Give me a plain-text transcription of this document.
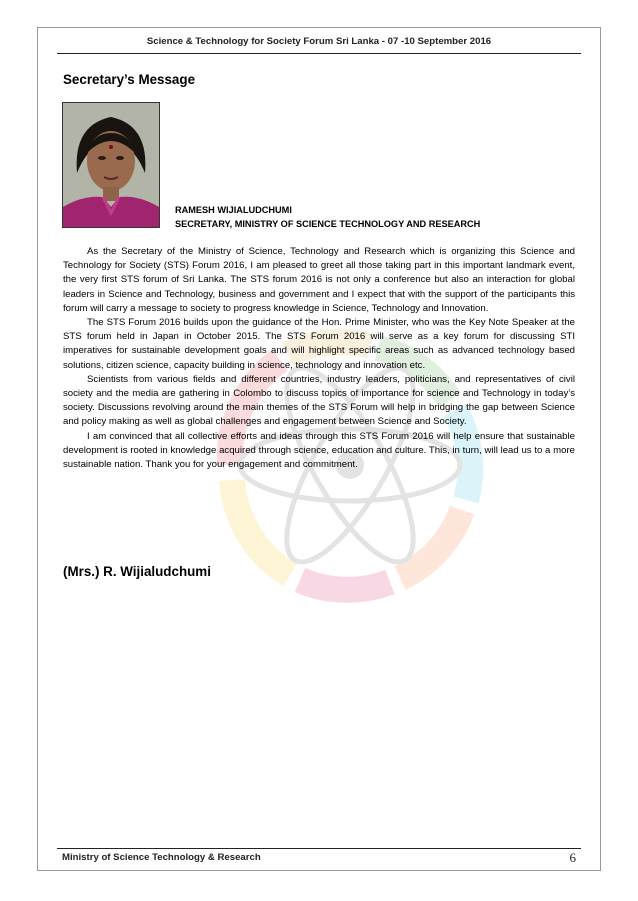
Science & Technology for Society Forum Sri Lanka - 07 -10 September 2016
Secretary’s Message
RAMESH WIJIALUDCHUMI
SECRETARY, MINISTRY OF SCIENCE TECHNOLOGY AND RESEARCH

As the Secretary of the Ministry of Science, Technology and Research which is organizing this Science and Technology for Society (STS) Forum 2016, I am pleased to greet all those taking part in this important landmark event, the very first STS forum of Sri Lanka. The STS forum 2016 is not only a conference but also an interaction for global leaders in Science and Technology, business and government and I expect that with the support of the participants this forum will carry a message to society to progress knowledge in Science, Technology and Innovation.

The STS Forum 2016 builds upon the guidance of the Hon. Prime Minister, who was the Key Note Speaker at the STS forum held in Japan in October 2015. The STS Forum 2016 will serve as a key forum for discussing STI imperatives for sustainable development goals and will highlight specific areas such as advanced technology based solutions, citizen science, capacity building in science, technology and innovation etc.

Scientists from various fields and different countries, industry leaders, politicians, and representatives of civil society and the media are gathering in Colombo to discuss topics of importance for science and Technology in today’s society. Discussions revolving around the main themes of the STS Forum will help in bridging the gap between Science and policy making as well as global challenges and engagement between Science and Society.

I am convinced that all collective efforts and ideas through this STS Forum 2016 will help ensure that sustainable development is rooted in knowledge acquired through science, education and culture. This, in turn, will lead us to a more sustainable nation. Thank you for your engagement and commitment.

(Mrs.) R. Wijialudchumi
Ministry of Science Technology & Research	6
